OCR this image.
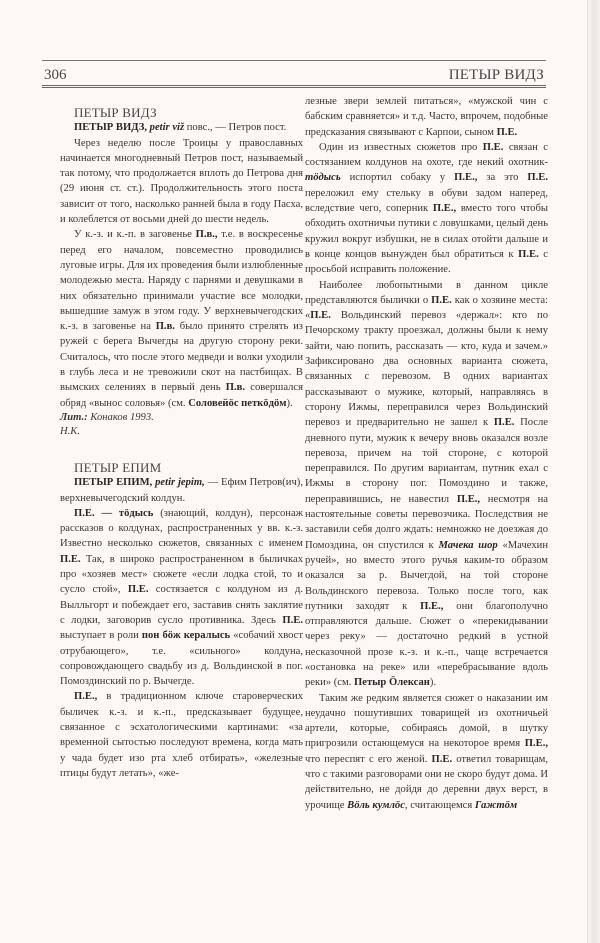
306	ПЕТЫР ВИДЗ

ПЕТЫР ВИДЗ

ПЕТЫР ВИДЗ, petir viž повс., — Петров пост.

Через неделю после Троицы у православных начинается многодневный Петров пост, называемый так потому, что продолжается вплоть до Петрова дня (29 июня ст. ст.). Продолжительность этого поста зависит от того, насколько ранней была в году Пасха, и колеблется от восьми дней до шести недель.

У к.-з. и к.-п. в заговенье П.в., т.е. в воскресенье перед его началом, повсеместно проводились луговые игры. Для их проведения были излюбленные молодежью места. Наряду с парнями и девушками в них обязательно принимали участие все молодки, вышедшие замуж в этом году. У верхневычегодских к.-з. в заговенье на П.в. было принято стрелять из ружей с берега Вычегды на другую сторону реки. Считалось, что после этого медведи и волки уходили в глубь леса и не тревожили скот на пастбищах. В вымских селениях в первый день П.в. совершался обряд «вынос соловья» (см. Соловейöс петкöдöм).

Лит.: Конаков 1993.

Н.К.

ПЕТЫР ЕПИМ

ПЕТЫР ЕПИМ, petir jepim, — Ефим Петров(ич), верхневычегодский колдун.

П.Е. — тöдысь (знающий, колдун), персонаж рассказов о колдунах, распространенных у вв. к.-з. Известно несколько сюжетов, связанных с именем П.Е. Так, в широко распространенном в быличках про «хозяев мест» сюжете «если лодка стой, то и сусло стой», П.Е. состязается с колдуном из д. Вылльгорт и побеждает его, заставив снять заклятие с лодки, заговорив сусло противника. Здесь П.Е. выступает в роли пон бöж кералысь «собачий хвост отрубающего», т.е. «сильного» колдуна, сопровождающего свадьбу из д. Вольдинской в пог. Помоздинский по р. Вычегде.

П.Е., в традиционном ключе староверческих быличек к.-з. и к.-п., предсказывает будущее, связанное с эсхатологическими картинами: «за временной сытостью последуют времена, когда мать у чада будет изо рта хлеб отбирать», «железные птицы будут летать», «же-

лезные звери землей питаться», «мужской чин с бабским сравняется» и т.д. Часто, впрочем, подобные предсказания связывают с Карпои, сыном П.Е.

Один из известных сюжетов про П.Е. связан с состязанием колдунов на охоте, где некий охотник-тöдысь испортил собаку у П.Е., за это П.Е. переложил ему стельку в обуви задом наперед, вследствие чего, соперник П.Е., вместо того чтобы обходить охотничьи путики с ловушками, целый день кружил вокруг избушки, не в силах отойти дальше и в конце концов вынужден был обратиться к П.Е. с просьбой исправить положение.

Наиболее любопытными в данном цикле представляются былички о П.Е. как о хозяине места: «П.Е. Вольдинский перевоз «держал»: кто по Печорскому тракту проезжал, должны были к нему зайти, чаю попить, рассказать — кто, куда и зачем.» Зафиксировано два основных варианта сюжета, связанных с перевозом. В одних вариантах рассказывают о мужике, который, направляясь в сторону Ижмы, переправился через Вольдинский перевоз и предварительно не зашел к П.Е. После дневного пути, мужик к вечеру вновь оказался возле перевоза, причем на той стороне, с которой переправился. По другим вариантам, путник ехал с Ижмы в сторону пог. Помоздино и также, переправившись, не навестил П.Е., несмотря на настоятельные советы перевозчика. Последствия не заставили себя долго ждать: немножко не доезжая до Помоздина, он спустился к Мачека шор «Мачехин ручей», но вместо этого ручья каким-то образом оказался за р. Вычегдой, на той стороне Вольдинского перевоза. Только после того, как путники заходят к П.Е., они благополучно отправляются дальше. Сюжет о «перекидывании через реку» — достаточно редкий в устной несказочной прозе к.-з. и к.-п., чаще встречается «остановка на реке» или «перебрасывание вдоль реки» (см. Петыр Öлексан).

Таким же редким является сюжет о наказании им неудачно пошутивших товарищей из охотничьей артели, которые, собираясь домой, в шутку пригрозили остающемуся на некоторое время П.Е., что переспят с его женой. П.Е. ответил товарищам, что с такими разговорами они не скоро будут дома. И действительно, не дойдя до деревни двух верст, в урочище Вöль кумлöс, считающемся Гажтöм
